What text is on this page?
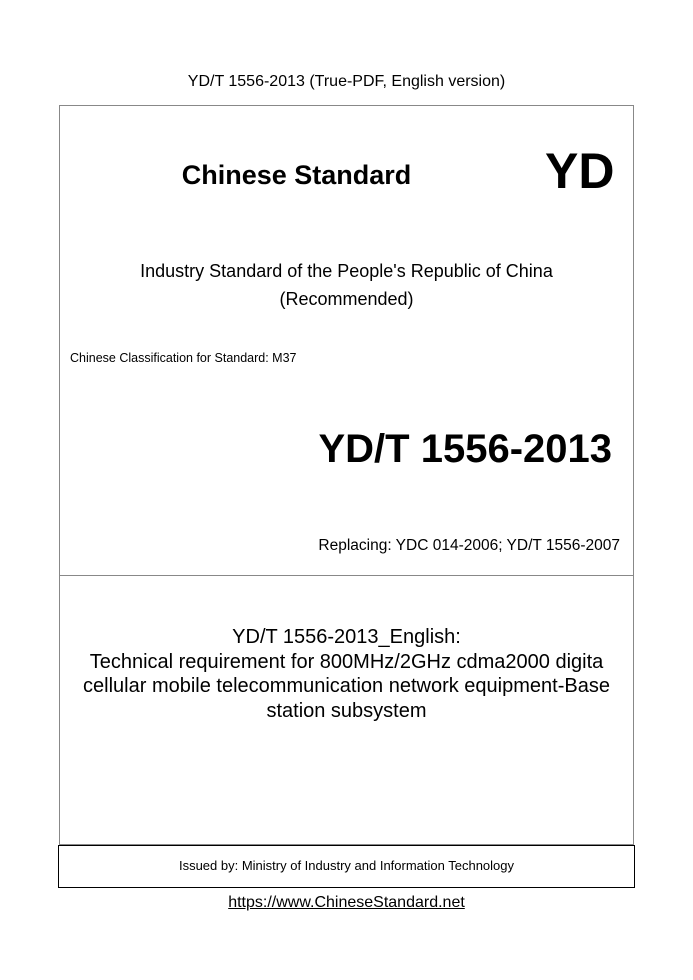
YD/T 1556-2013 (True-PDF, English version)
Chinese Standard	YD
Industry Standard of the People's Republic of China
(Recommended)
Chinese Classification for Standard: M37
YD/T 1556-2013
Replacing: YDC 014-2006; YD/T 1556-2007
YD/T 1556-2013_English:
Technical requirement for 800MHz/2GHz cdma2000 digita
cellular mobile telecommunication network equipment-Base
station subsystem
Issued by: Ministry of Industry and Information Technology
https://www.ChineseStandard.net
